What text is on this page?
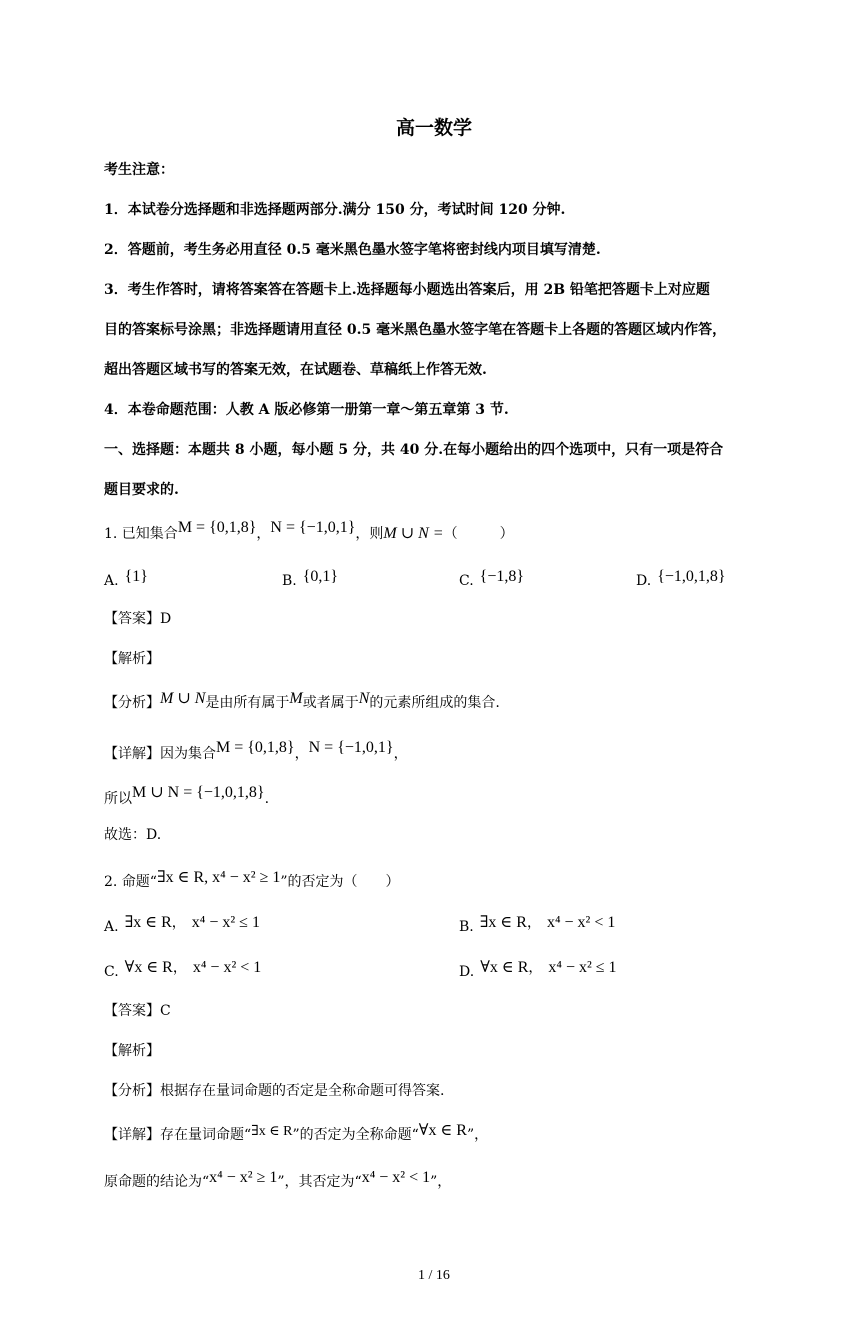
高一数学
考生注意：
1．本试卷分选择题和非选择题两部分.满分 150 分，考试时间 120 分钟.
2．答题前，考生务必用直径 0.5 毫米黑色墨水签字笔将密封线内项目填写清楚.
3．考生作答时，请将答案答在答题卡上.选择题每小题选出答案后，用 2B 铅笔把答题卡上对应题
目的答案标号涂黑；非选择题请用直径 0.5 毫米黑色墨水签字笔在答题卡上各题的答题区域内作答，
超出答题区域书写的答案无效，在试题卷、草稿纸上作答无效.
4．本卷命题范围：人教 A 版必修第一册第一章～第五章第 3 节.
一、选择题：本题共 8 小题，每小题 5 分，共 40 分.在每小题给出的四个选项中，只有一项是符合
题目要求的.
1. 已知集合M = {0,1,8}，N = {−1,0,1}，则M ∪ N =（　　　）
A. {1}	B. {0,1}	C. {−1,8}	D. {−1,0,1,8}
【答案】D
【解析】
【分析】M ∪ N是由所有属于M或者属于N的元素所组成的集合.
【详解】因为集合M = {0,1,8}，N = {−1,0,1}，
所以M ∪ N = {−1,0,1,8}.
故选：D.
2. 命题“∃x ∈ R, x⁴ − x² ≥ 1”的否定为（　　）
A. ∃x ∈ R， x⁴ − x² ≤ 1	B. ∃x ∈ R， x⁴ − x² < 1
C. ∀x ∈ R， x⁴ − x² < 1	D. ∀x ∈ R， x⁴ − x² ≤ 1
【答案】C
【解析】
【分析】根据存在量词命题的否定是全称命题可得答案.
【详解】存在量词命题“∃x ∈ R”的否定为全称命题“∀x ∈ R”，
原命题的结论为“x⁴ − x² ≥ 1”，其否定为“x⁴ − x² < 1”，
1 / 16
